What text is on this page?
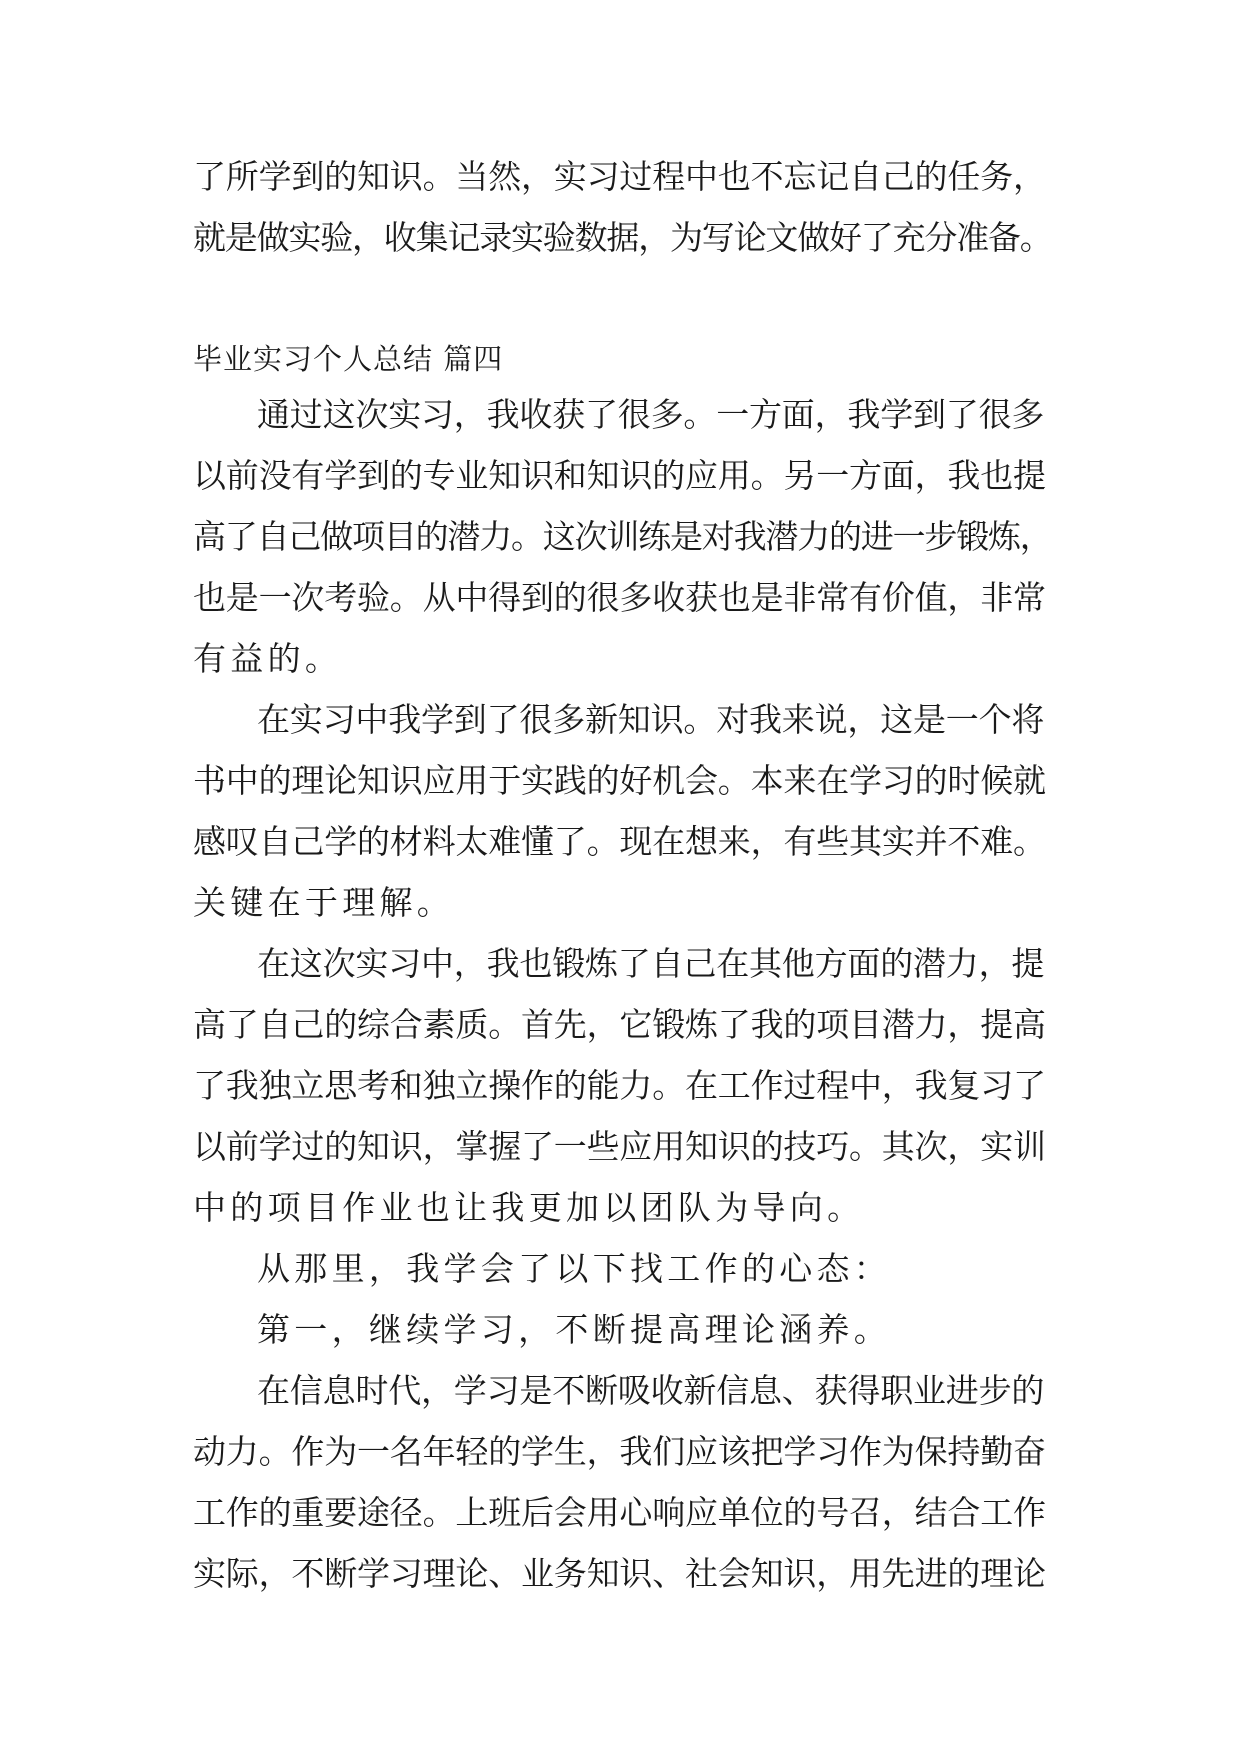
了所学到的知识。当然，实习过程中也不忘记自己的任务，
就是做实验，收集记录实验数据，为写论文做好了充分准备。
毕业实习个人总结 篇四
通过这次实习，我收获了很多。一方面，我学到了很多
以前没有学到的专业知识和知识的应用。另一方面，我也提
高了自己做项目的潜力。这次训练是对我潜力的进一步锻炼，
也是一次考验。从中得到的很多收获也是非常有价值，非常
有益的。
在实习中我学到了很多新知识。对我来说，这是一个将
书中的理论知识应用于实践的好机会。本来在学习的时候就
感叹自己学的材料太难懂了。现在想来，有些其实并不难。
关键在于理解。
在这次实习中，我也锻炼了自己在其他方面的潜力，提
高了自己的综合素质。首先，它锻炼了我的项目潜力，提高
了我独立思考和独立操作的能力。在工作过程中，我复习了
以前学过的知识，掌握了一些应用知识的技巧。其次，实训
中的项目作业也让我更加以团队为导向。
从那里，我学会了以下找工作的心态：
第一，继续学习，不断提高理论涵养。
在信息时代，学习是不断吸收新信息、获得职业进步的
动力。作为一名年轻的学生，我们应该把学习作为保持勤奋
工作的重要途径。上班后会用心响应单位的号召，结合工作
实际，不断学习理论、业务知识、社会知识，用先进的理论
